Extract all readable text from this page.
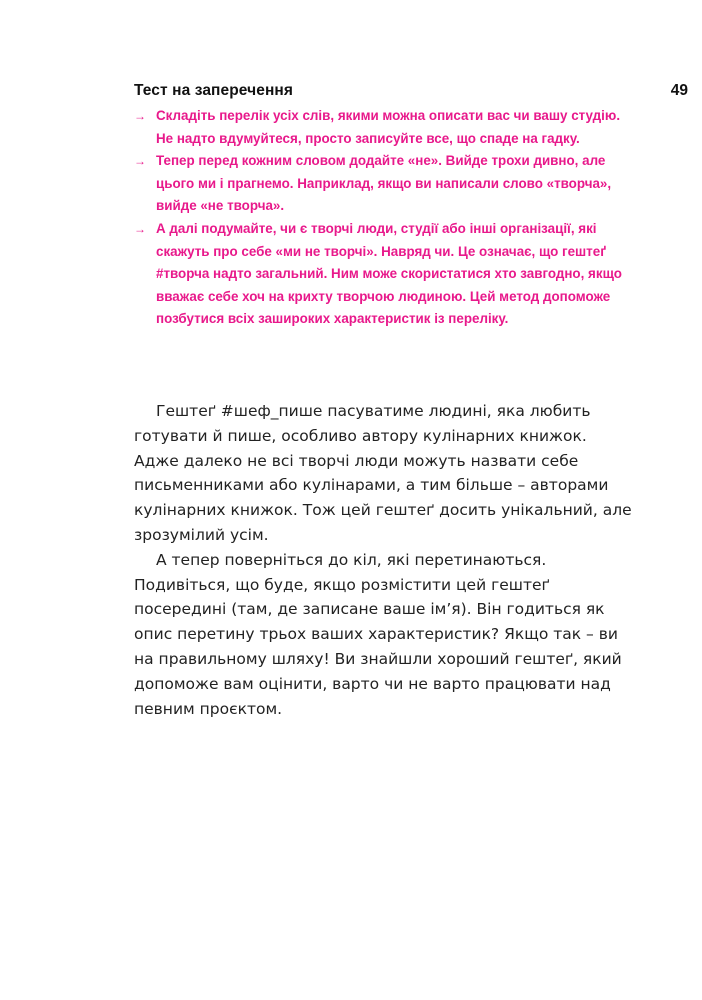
Тест на заперечення	49
→ Складіть перелік усіх слів, якими можна описати вас чи вашу студію. Не надто вдумуйтеся, просто записуйте все, що спаде на гадку.
→ Тепер перед кожним словом додайте «не». Вийде трохи дивно, але цього ми і прагнемо. Наприклад, якщо ви написали слово «творча», вийде «не творча».
→ А далі подумайте, чи є творчі люди, студії або інші організації, які скажуть про себе «ми не творчі». Навряд чи. Це означає, що гештеґ #творча надто загальний. Ним може скористатися хто завгодно, якщо вважає себе хоч на крихту творчою людиною. Цей метод допоможе позбутися всіх зашироких характеристик із переліку.

Гештеґ #шеф_пише пасуватиме людині, яка любить готувати й пише, особливо автору кулінарних книжок. Адже далеко не всі творчі люди можуть назвати себе письменниками або кулінарами, а тим більше – авторами кулінарних книжок. Тож цей гештеґ досить унікальний, але зрозумілий усім.

А тепер поверніться до кіл, які перетинаються. Подивіться, що буде, якщо розмістити цей гештеґ посередині (там, де записане ваше ім’я). Він годиться як опис перетину трьох ваших характеристик? Якщо так – ви на правильному шляху! Ви знайшли хороший гештеґ, який допоможе вам оцінити, варто чи не варто працювати над певним проєктом.
